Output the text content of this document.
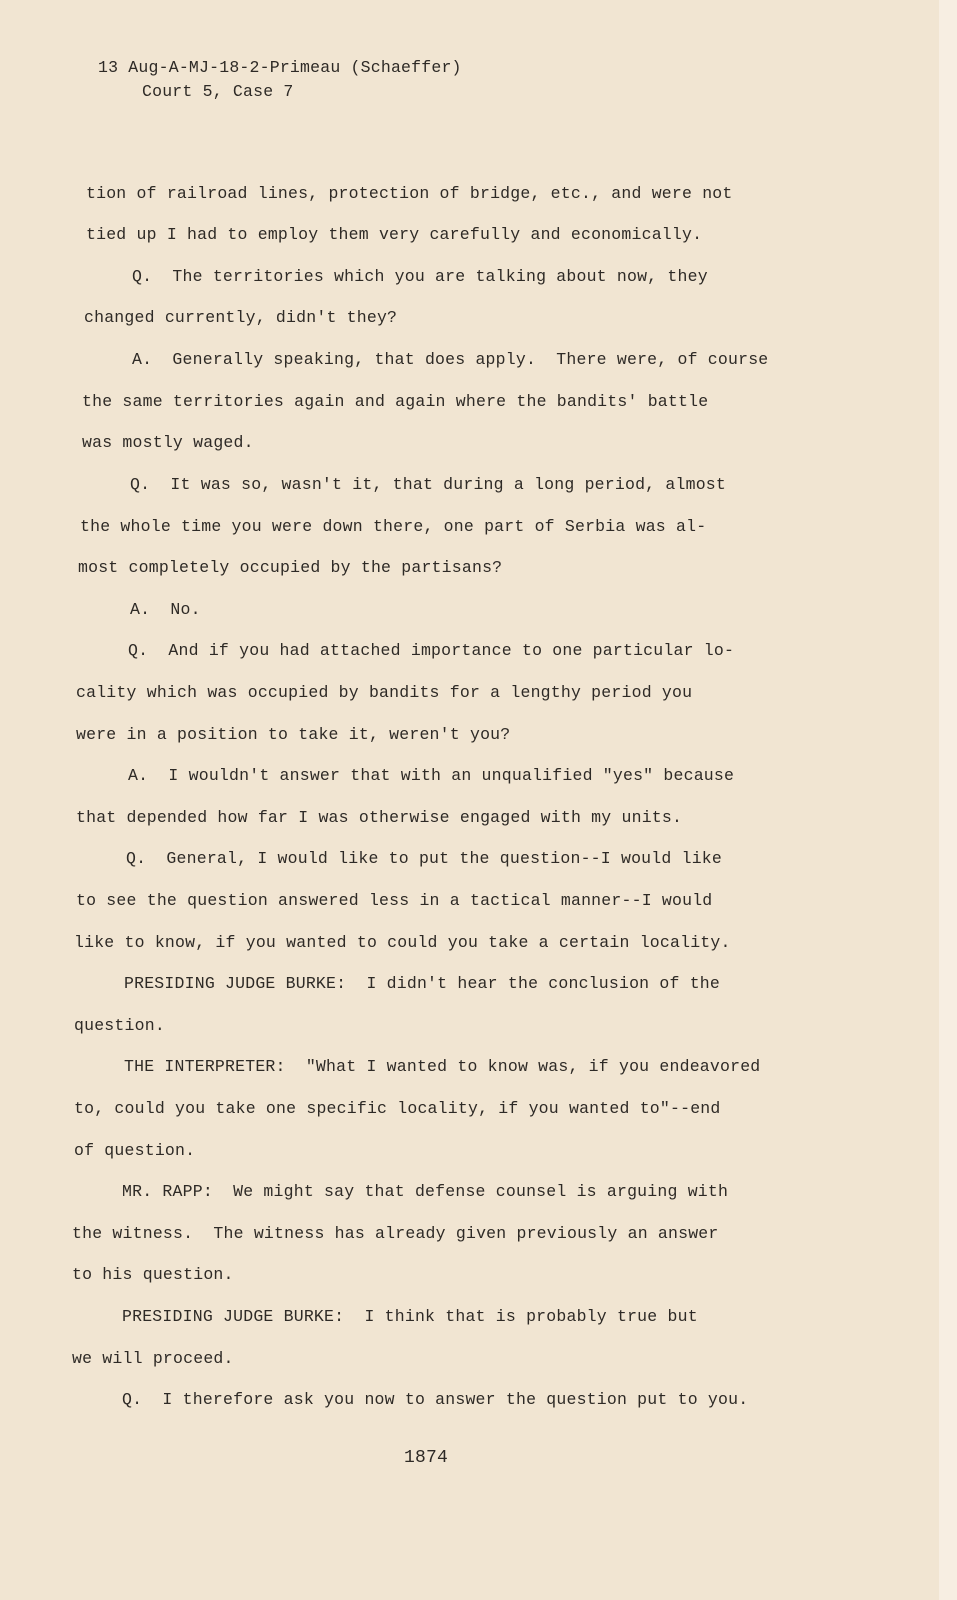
13 Aug-A-MJ-18-2-Primeau (Schaeffer)
Court 5, Case 7
tion of railroad lines, protection of bridge, etc., and were not
tied up I had to employ them very carefully and economically.
Q.  The territories which you are talking about now, they
changed currently, didn't they?
A.  Generally speaking, that does apply.  There were, of course
the same territories again and again where the bandits' battle
was mostly waged.
Q.  It was so, wasn't it, that during a long period, almost
the whole time you were down there, one part of Serbia was al-
most completely occupied by the partisans?
A.  No.
Q.  And if you had attached importance to one particular lo-
cality which was occupied by bandits for a lengthy period you
were in a position to take it, weren't you?
A.  I wouldn't answer that with an unqualified "yes" because
that depended how far I was otherwise engaged with my units.
Q.  General, I would like to put the question--I would like
to see the question answered less in a tactical manner--I would
like to know, if you wanted to could you take a certain locality.
PRESIDING JUDGE BURKE:  I didn't hear the conclusion of the
question.
THE INTERPRETER:  "What I wanted to know was, if you endeavored
to, could you take one specific locality, if you wanted to"--end
of question.
MR. RAPP:  We might say that defense counsel is arguing with
the witness.  The witness has already given previously an answer
to his question.
PRESIDING JUDGE BURKE:  I think that is probably true but
we will proceed.
Q.  I therefore ask you now to answer the question put to you.
1874
